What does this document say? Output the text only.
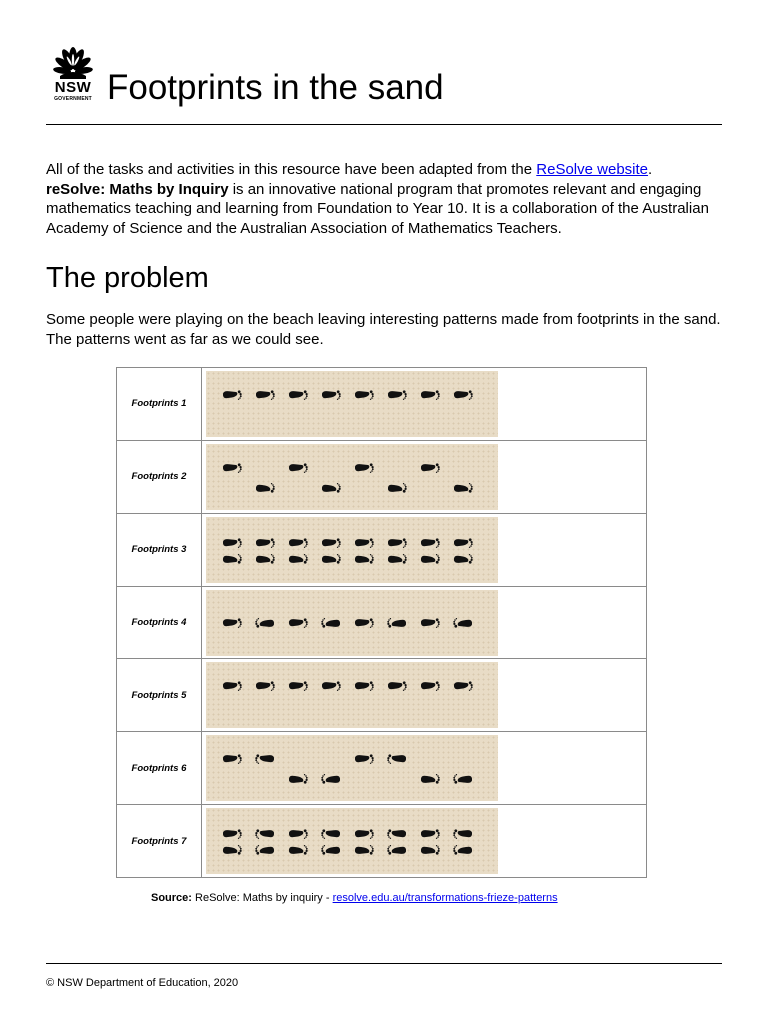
NSW
GOVERNMENT Footprints in the sand
All of the tasks and activities in this resource have been adapted from the ReSolve website.
reSolve: Maths by Inquiry is an innovative national program that promotes relevant and engaging mathematics teaching and learning from Foundation to Year 10. It is a collaboration of the Australian Academy of Science and the Australian Association of Mathematics Teachers.
The problem
Some people were playing on the beach leaving interesting patterns made from footprints in the sand. The patterns went as far as we could see.
Footprints 1	

Footprints 2	

Footprints 3	

Footprints 4	

Footprints 5	

Footprints 6	

Footprints 7	
Source: ReSolve: Maths by inquiry - resolve.edu.au/transformations-frieze-patterns
© NSW Department of Education, 2020
